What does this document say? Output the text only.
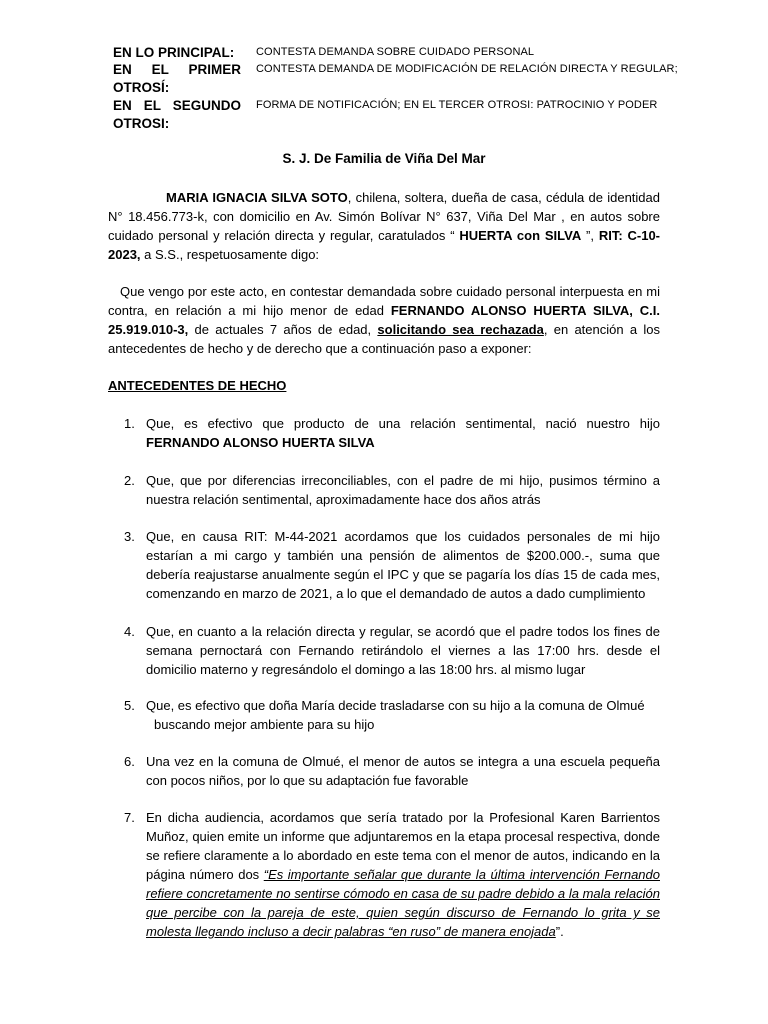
EN LO PRINCIPAL:	CONTESTA DEMANDA SOBRE CUIDADO PERSONAL
EN EL PRIMER
OTROSÍ:
CONTESTA DEMANDA DE MODIFICACIÓN DE RELACIÓN DIRECTA Y REGULAR;
EN EL SEGUNDO
OTROSI:
FORMA DE NOTIFICACIÓN; EN EL TERCER OTROSI: PATROCINIO Y PODER
S. J. De Familia de Viña Del Mar
MARIA IGNACIA SILVA SOTO, chilena, soltera, dueña de casa, cédula de identidad N° 18.456.773-k, con domicilio en Av. Simón Bolívar N° 637, Viña Del Mar , en autos sobre cuidado personal y relación directa y regular, caratulados “ HUERTA con SILVA ”, RIT: C-10-2023, a S.S., respetuosamente digo:
Que vengo por este acto, en contestar demandada sobre cuidado personal interpuesta en mi contra, en relación a mi hijo menor de edad FERNANDO ALONSO HUERTA SILVA, C.I. 25.919.010-3, de actuales 7 años de edad, solicitando sea rechazada, en atención a los antecedentes de hecho y de derecho que a continuación paso a exponer:
ANTECEDENTES DE HECHO
1. Que, es efectivo que producto de una relación sentimental, nació nuestro hijo FERNANDO ALONSO HUERTA SILVA
2. Que, que por diferencias irreconciliables, con el padre de mi hijo, pusimos término a nuestra relación sentimental, aproximadamente hace dos años atrás
3. Que, en causa RIT: M-44-2021 acordamos que los cuidados personales de mi hijo estarían a mi cargo y también una pensión de alimentos de $200.000.-, suma que debería reajustarse anualmente según el IPC y que se pagaría los días 15 de cada mes, comenzando en marzo de 2021, a lo que el demandado de autos a dado cumplimiento
4. Que, en cuanto a la relación directa y regular, se acordó que el padre todos los fines de semana pernoctará con Fernando retirándolo el viernes a las 17:00 hrs. desde el domicilio materno y regresándolo el domingo a las 18:00 hrs. al mismo lugar
5. Que, es efectivo que doña María decide trasladarse con su hijo a la comuna de Olmué
buscando mejor ambiente para su hijo
6. Una vez en la comuna de Olmué, el menor de autos se integra a una escuela pequeña con pocos niños, por lo que su adaptación fue favorable
7. En dicha audiencia, acordamos que sería tratado por la Profesional Karen Barrientos Muñoz, quien emite un informe que adjuntaremos en la etapa procesal respectiva, donde se refiere claramente a lo abordado en este tema con el menor de autos, indicando en la página número dos “Es importante señalar que durante la última intervención Fernando refiere concretamente no sentirse cómodo en casa de su padre debido a la mala relación que percibe con la pareja de este, quien según discurso de Fernando lo grita y se molesta llegando incluso a decir palabras “en ruso” de manera enojada”.
